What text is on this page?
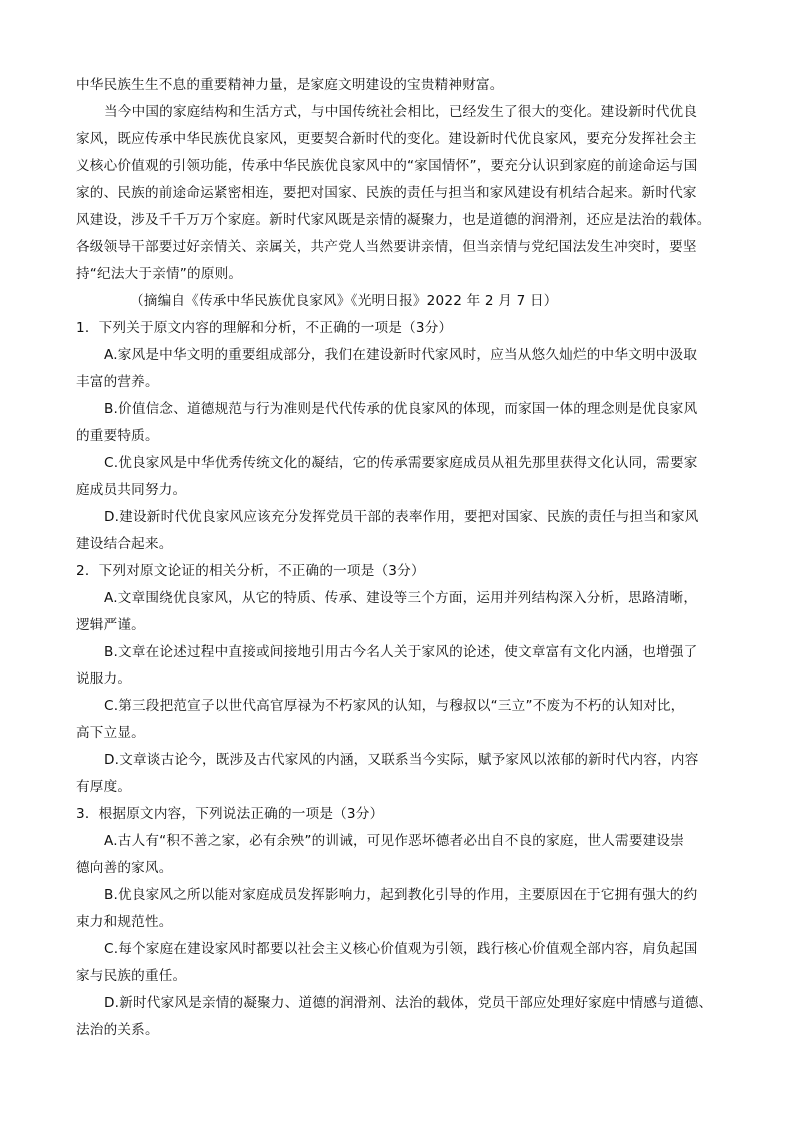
中华民族生生不息的重要精神力量，是家庭文明建设的宝贵精神财富。
当今中国的家庭结构和生活方式，与中国传统社会相比，已经发生了很大的变化。建设新时代优良
家风，既应传承中华民族优良家风，更要契合新时代的变化。建设新时代优良家风，要充分发挥社会主
义核心价值观的引领功能，传承中华民族优良家风中的“家国情怀”，要充分认识到家庭的前途命运与国
家的、民族的前途命运紧密相连，要把对国家、民族的责任与担当和家风建设有机结合起来。新时代家
风建设，涉及千千万万个家庭。新时代家风既是亲情的凝聚力，也是道德的润滑剂，还应是法治的载体。
各级领导干部要过好亲情关、亲属关，共产党人当然要讲亲情，但当亲情与党纪国法发生冲突时，要坚
持“纪法大于亲情”的原则。
（摘编自《传承中华民族优良家风》《光明日报》2022 年 2 月 7 日）
1．下列关于原文内容的理解和分析，不正确的一项是（3分）
A.家风是中华文明的重要组成部分，我们在建设新时代家风时，应当从悠久灿烂的中华文明中汲取
丰富的营养。
B.价值信念、道德规范与行为准则是代代传承的优良家风的体现，而家国一体的理念则是优良家风
的重要特质。
C.优良家风是中华优秀传统文化的凝结，它的传承需要家庭成员从祖先那里获得文化认同，需要家
庭成员共同努力。
D.建设新时代优良家风应该充分发挥党员干部的表率作用，要把对国家、民族的责任与担当和家风
建设结合起来。
2．下列对原文论证的相关分析，不正确的一项是（3分）
A.文章围绕优良家风，从它的特质、传承、建设等三个方面，运用并列结构深入分析，思路清晰，
逻辑严谨。
B.文章在论述过程中直接或间接地引用古今名人关于家风的论述，使文章富有文化内涵，也增强了
说服力。
C.第三段把范宣子以世代高官厚禄为不朽家风的认知，与穆叔以“三立”不废为不朽的认知对比，
高下立显。
D.文章谈古论今，既涉及古代家风的内涵，又联系当今实际，赋予家风以浓郁的新时代内容，内容
有厚度。
3．根据原文内容，下列说法正确的一项是（3分）
A.古人有“积不善之家，必有余殃”的训诫，可见作恶坏德者必出自不良的家庭，世人需要建设崇
德向善的家风。
B.优良家风之所以能对家庭成员发挥影响力，起到教化引导的作用，主要原因在于它拥有强大的约
束力和规范性。
C.每个家庭在建设家风时都要以社会主义核心价值观为引领，践行核心价值观全部内容，肩负起国
家与民族的重任。
D.新时代家风是亲情的凝聚力、道德的润滑剂、法治的载体，党员干部应处理好家庭中情感与道德、
法治的关系。
